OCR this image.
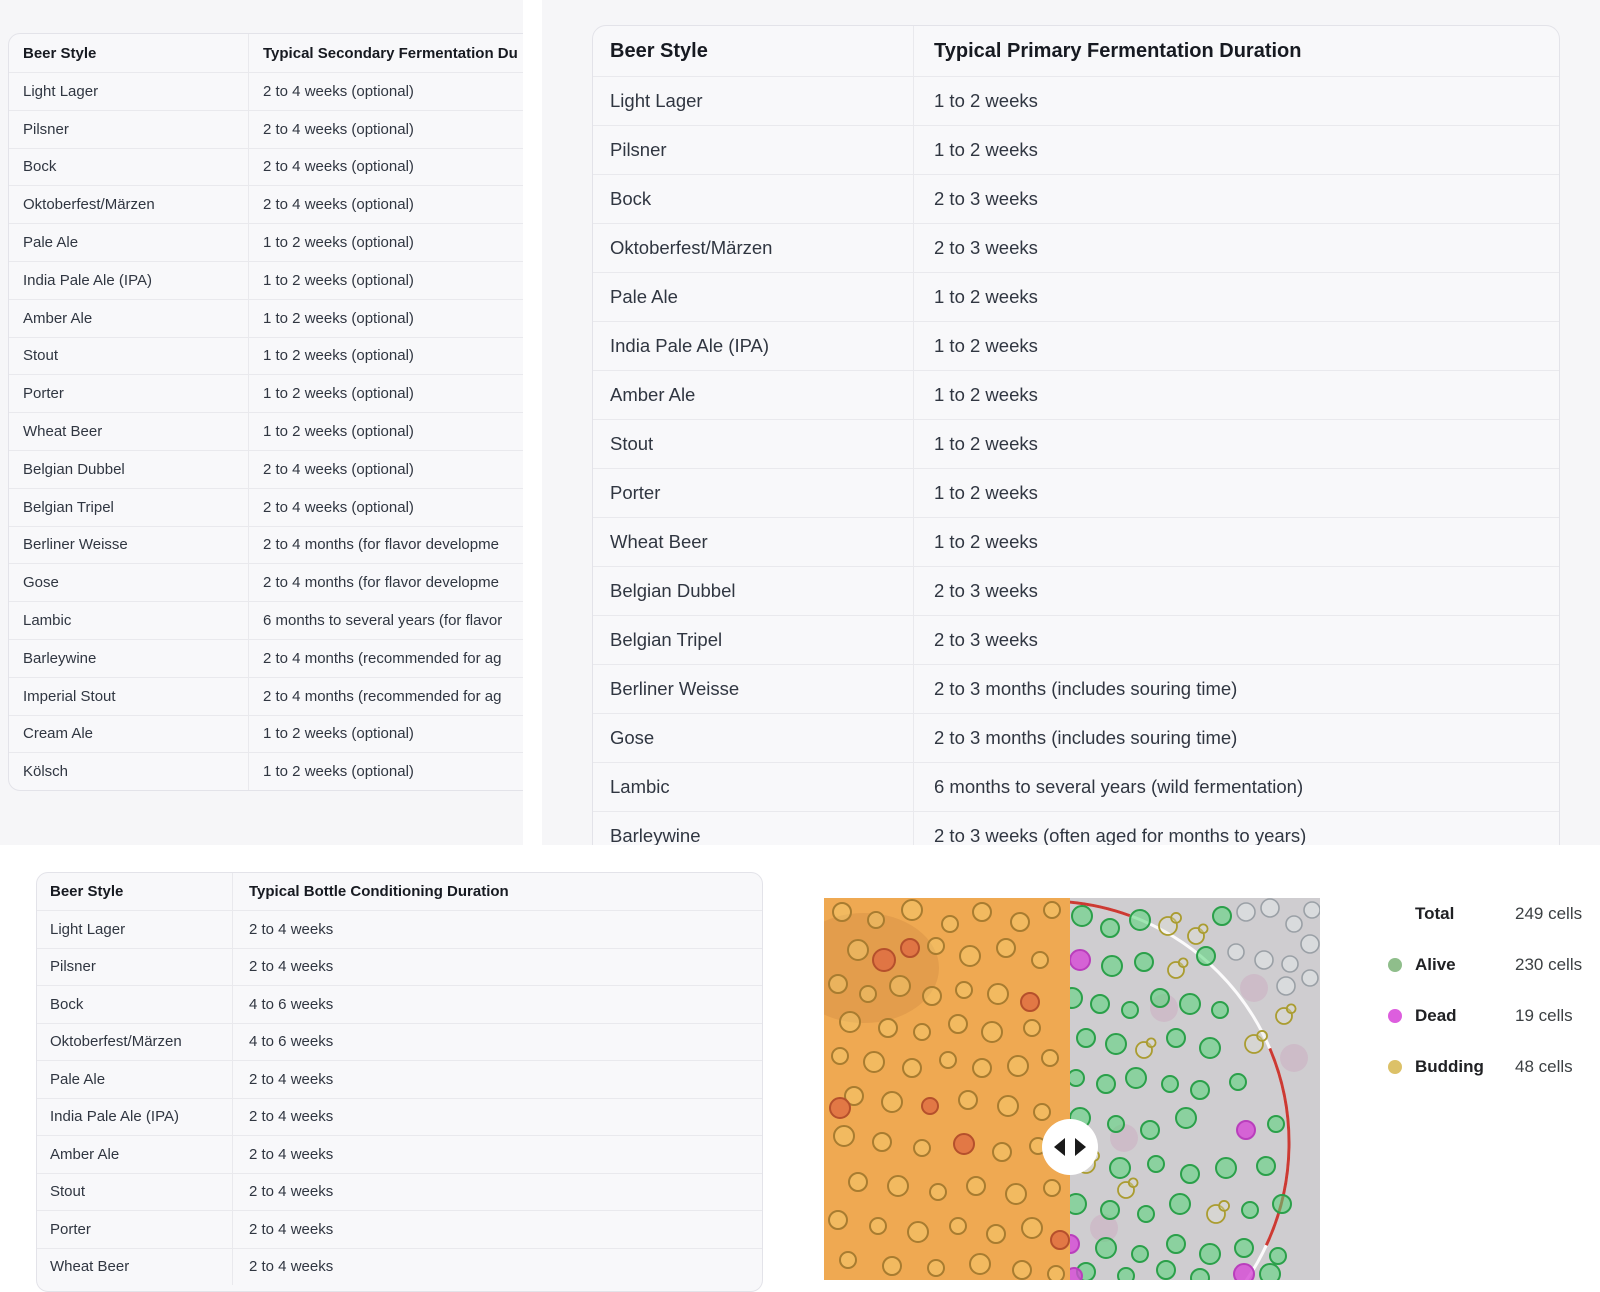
Beer Style	Typical Secondary Fermentation Du
Light Lager	2 to 4 weeks (optional)
Pilsner	2 to 4 weeks (optional)
Bock	2 to 4 weeks (optional)
Oktoberfest/Märzen	2 to 4 weeks (optional)
Pale Ale	1 to 2 weeks (optional)
India Pale Ale (IPA)	1 to 2 weeks (optional)
Amber Ale	1 to 2 weeks (optional)
Stout	1 to 2 weeks (optional)
Porter	1 to 2 weeks (optional)
Wheat Beer	1 to 2 weeks (optional)
Belgian Dubbel	2 to 4 weeks (optional)
Belgian Tripel	2 to 4 weeks (optional)
Berliner Weisse	2 to 4 months (for flavor developme
Gose	2 to 4 months (for flavor developme
Lambic	6 months to several years (for flavor
Barleywine	2 to 4 months (recommended for ag
Imperial Stout	2 to 4 months (recommended for ag
Cream Ale	1 to 2 weeks (optional)
Kölsch	1 to 2 weeks (optional)
Beer Style	Typical Primary Fermentation Duration
Light Lager	1 to 2 weeks
Pilsner	1 to 2 weeks
Bock	2 to 3 weeks
Oktoberfest/Märzen	2 to 3 weeks
Pale Ale	1 to 2 weeks
India Pale Ale (IPA)	1 to 2 weeks
Amber Ale	1 to 2 weeks
Stout	1 to 2 weeks
Porter	1 to 2 weeks
Wheat Beer	1 to 2 weeks
Belgian Dubbel	2 to 3 weeks
Belgian Tripel	2 to 3 weeks
Berliner Weisse	2 to 3 months (includes souring time)
Gose	2 to 3 months (includes souring time)
Lambic	6 months to several years (wild fermentation)
Barleywine	2 to 3 weeks (often aged for months to years)
Beer Style	Typical Bottle Conditioning Duration
Light Lager	2 to 4 weeks
Pilsner	2 to 4 weeks
Bock	4 to 6 weeks
Oktoberfest/Märzen	4 to 6 weeks
Pale Ale	2 to 4 weeks
India Pale Ale (IPA)	2 to 4 weeks
Amber Ale	2 to 4 weeks
Stout	2 to 4 weeks
Porter	2 to 4 weeks
Wheat Beer	2 to 4 weeks
Total	249 cells
Alive	230 cells
Dead	19 cells
Budding 48 cells
